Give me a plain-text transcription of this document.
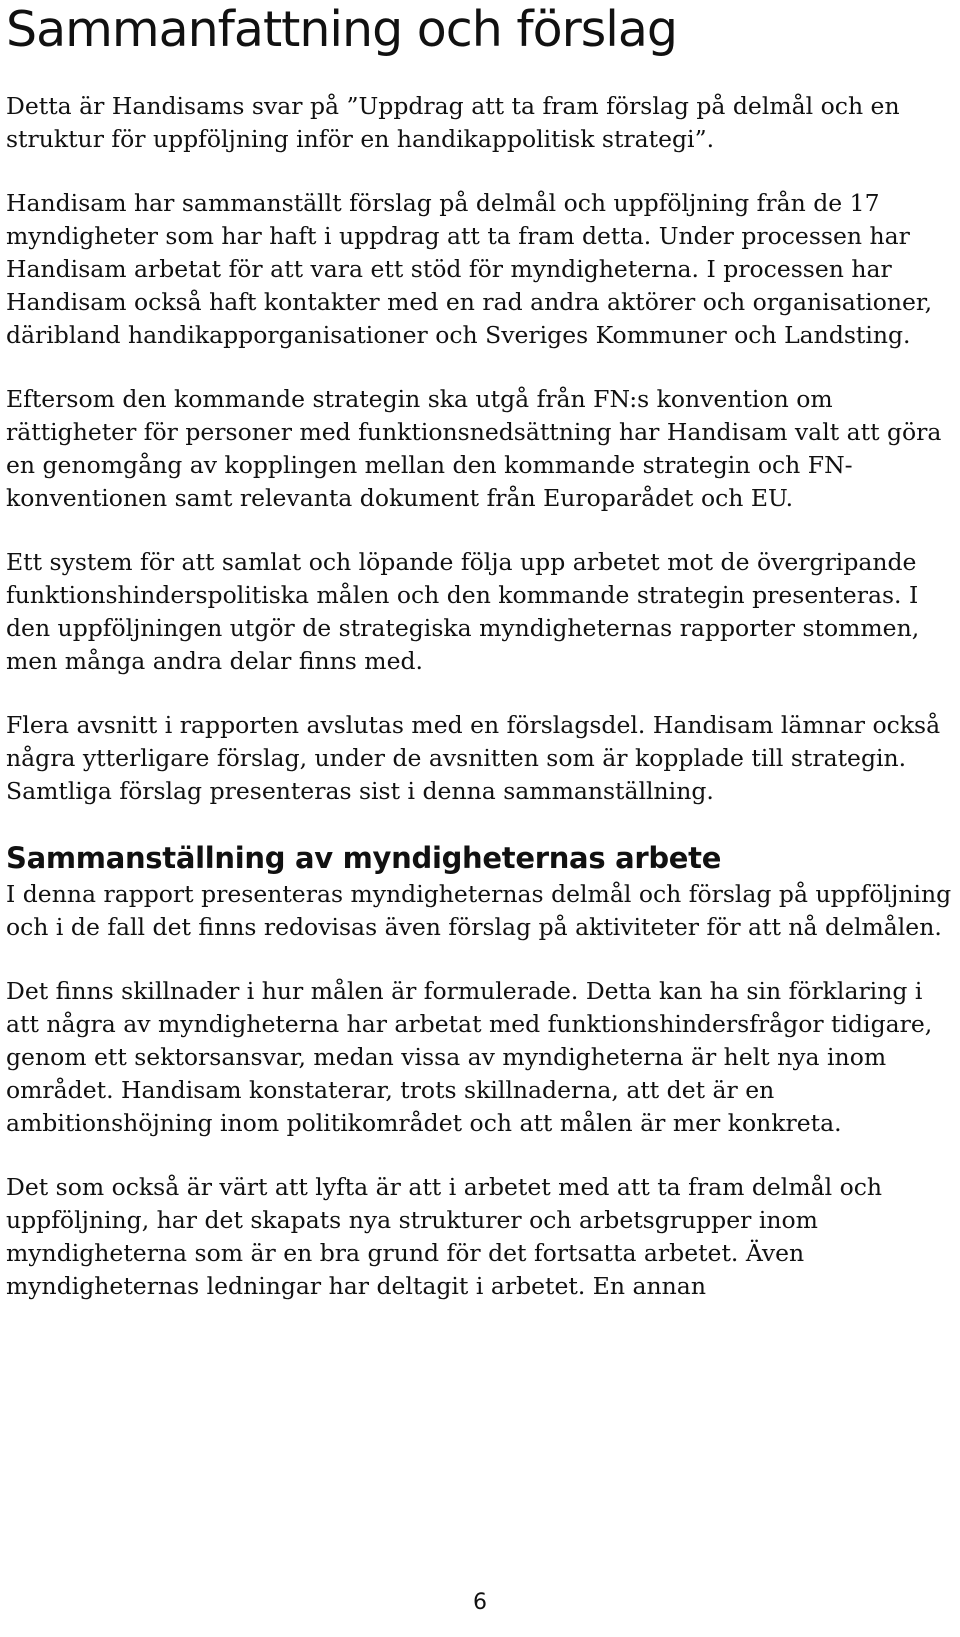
Sammanfattning och förslag

Detta är Handisams svar på ”Uppdrag att ta fram förslag på delmål och en struktur för uppföljning inför en handikappolitisk strategi”.

Handisam har sammanställt förslag på delmål och uppföljning från de 17 myndigheter som har haft i uppdrag att ta fram detta. Under processen har Handisam arbetat för att vara ett stöd för myndigheterna. I processen har Handisam också haft kontakter med en rad andra aktörer och organisationer, däribland handikapporganisationer och Sveriges Kommuner och Landsting.

Eftersom den kommande strategin ska utgå från FN:s konvention om rättigheter för personer med funktionsnedsättning har Handisam valt att göra en genomgång av kopplingen mellan den kommande strategin och FN-konventionen samt relevanta dokument från Europarådet och EU.

Ett system för att samlat och löpande följa upp arbetet mot de övergripande funktionshinderspolitiska målen och den kommande strategin presenteras. I den uppföljningen utgör de strategiska myndigheternas rapporter stommen, men många andra delar finns med.

Flera avsnitt i rapporten avslutas med en förslagsdel. Handisam lämnar också några ytterligare förslag, under de avsnitten som är kopplade till strategin. Samtliga förslag presenteras sist i denna sammanställning.

Sammanställning av myndigheternas arbete

I denna rapport presenteras myndigheternas delmål och förslag på uppföljning och i de fall det finns redovisas även förslag på aktiviteter för att nå delmålen.

Det finns skillnader i hur målen är formulerade. Detta kan ha sin förklaring i att några av myndigheterna har arbetat med funktionshindersfrågor tidigare, genom ett sektorsansvar, medan vissa av myndigheterna är helt nya inom området. Handisam konstaterar, trots skillnaderna, att det är en ambitionshöjning inom politikområdet och att målen är mer konkreta.

Det som också är värt att lyfta är att i arbetet med att ta fram delmål och uppföljning, har det skapats nya strukturer och arbetsgrupper inom myndigheterna som är en bra grund för det fortsatta arbetet. Även myndigheternas ledningar har deltagit i arbetet. En annan

6
